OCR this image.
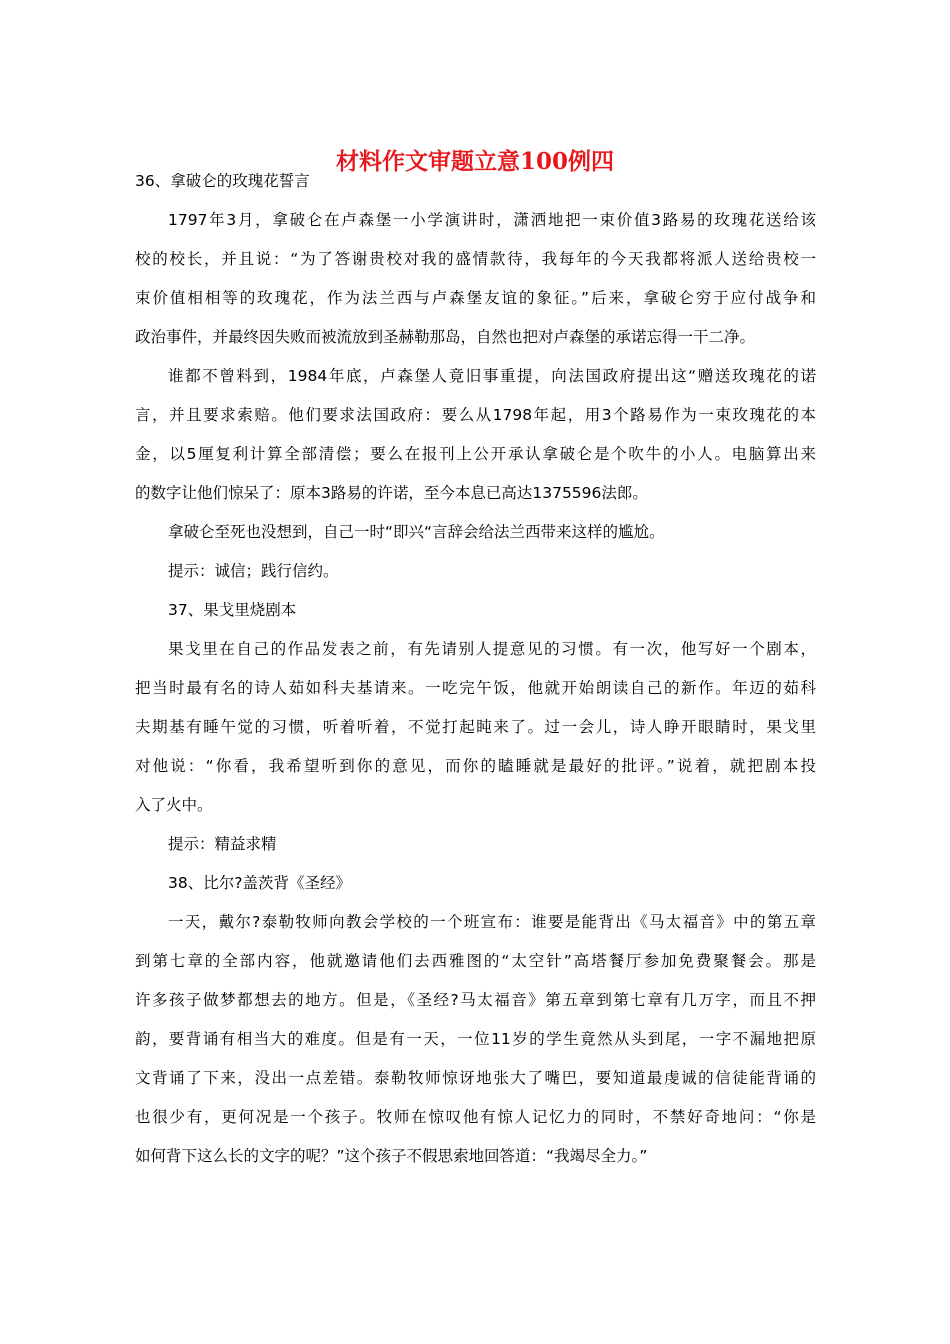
材料作文审题立意100例四
36、拿破仑的玫瑰花誓言
1797年3月，拿破仑在卢森堡一小学演讲时，潇洒地把一束价值3路易的玫瑰花送给该
校的校长，并且说：“为了答谢贵校对我的盛情款待，我每年的今天我都将派人送给贵校一
束价值相相等的玫瑰花，作为法兰西与卢森堡友谊的象征。”后来，拿破仑穷于应付战争和
政治事件，并最终因失败而被流放到圣赫勒那岛，自然也把对卢森堡的承诺忘得一干二净。
谁都不曾料到，1984年底，卢森堡人竟旧事重提，向法国政府提出这“赠送玫瑰花的诺
言，并且要求索赔。他们要求法国政府：要么从1798年起，用3个路易作为一束玫瑰花的本
金，以5厘复利计算全部清偿；要么在报刊上公开承认拿破仑是个吹牛的小人。电脑算出来
的数字让他们惊呆了：原本3路易的许诺，至今本息已高达1375596法郎。
拿破仑至死也没想到，自己一时“即兴“言辞会给法兰西带来这样的尴尬。
提示：诚信；践行信约。
37、果戈里烧剧本
果戈里在自己的作品发表之前，有先请别人提意见的习惯。有一次，他写好一个剧本，
把当时最有名的诗人茹如科夫基请来。一吃完午饭，他就开始朗读自己的新作。年迈的茹科
夫期基有睡午觉的习惯，听着听着，不觉打起盹来了。过一会儿，诗人睁开眼睛时，果戈里
对他说：“你看，我希望听到你的意见，而你的瞌睡就是最好的批评。”说着，就把剧本投
入了火中。
提示：精益求精
38、比尔?盖茨背《圣经》
一天，戴尔?泰勒牧师向教会学校的一个班宣布：谁要是能背出《马太福音》中的第五章
到第七章的全部内容，他就邀请他们去西雅图的“太空针”高塔餐厅参加免费聚餐会。那是
许多孩子做梦都想去的地方。但是，《圣经?马太福音》第五章到第七章有几万字，而且不押
韵，要背诵有相当大的难度。但是有一天，一位11岁的学生竟然从头到尾，一字不漏地把原
文背诵了下来，没出一点差错。泰勒牧师惊讶地张大了嘴巴，要知道最虔诚的信徒能背诵的
也很少有，更何况是一个孩子。牧师在惊叹他有惊人记忆力的同时，不禁好奇地问：“你是
如何背下这么长的文字的呢？”这个孩子不假思索地回答道：“我竭尽全力。”
